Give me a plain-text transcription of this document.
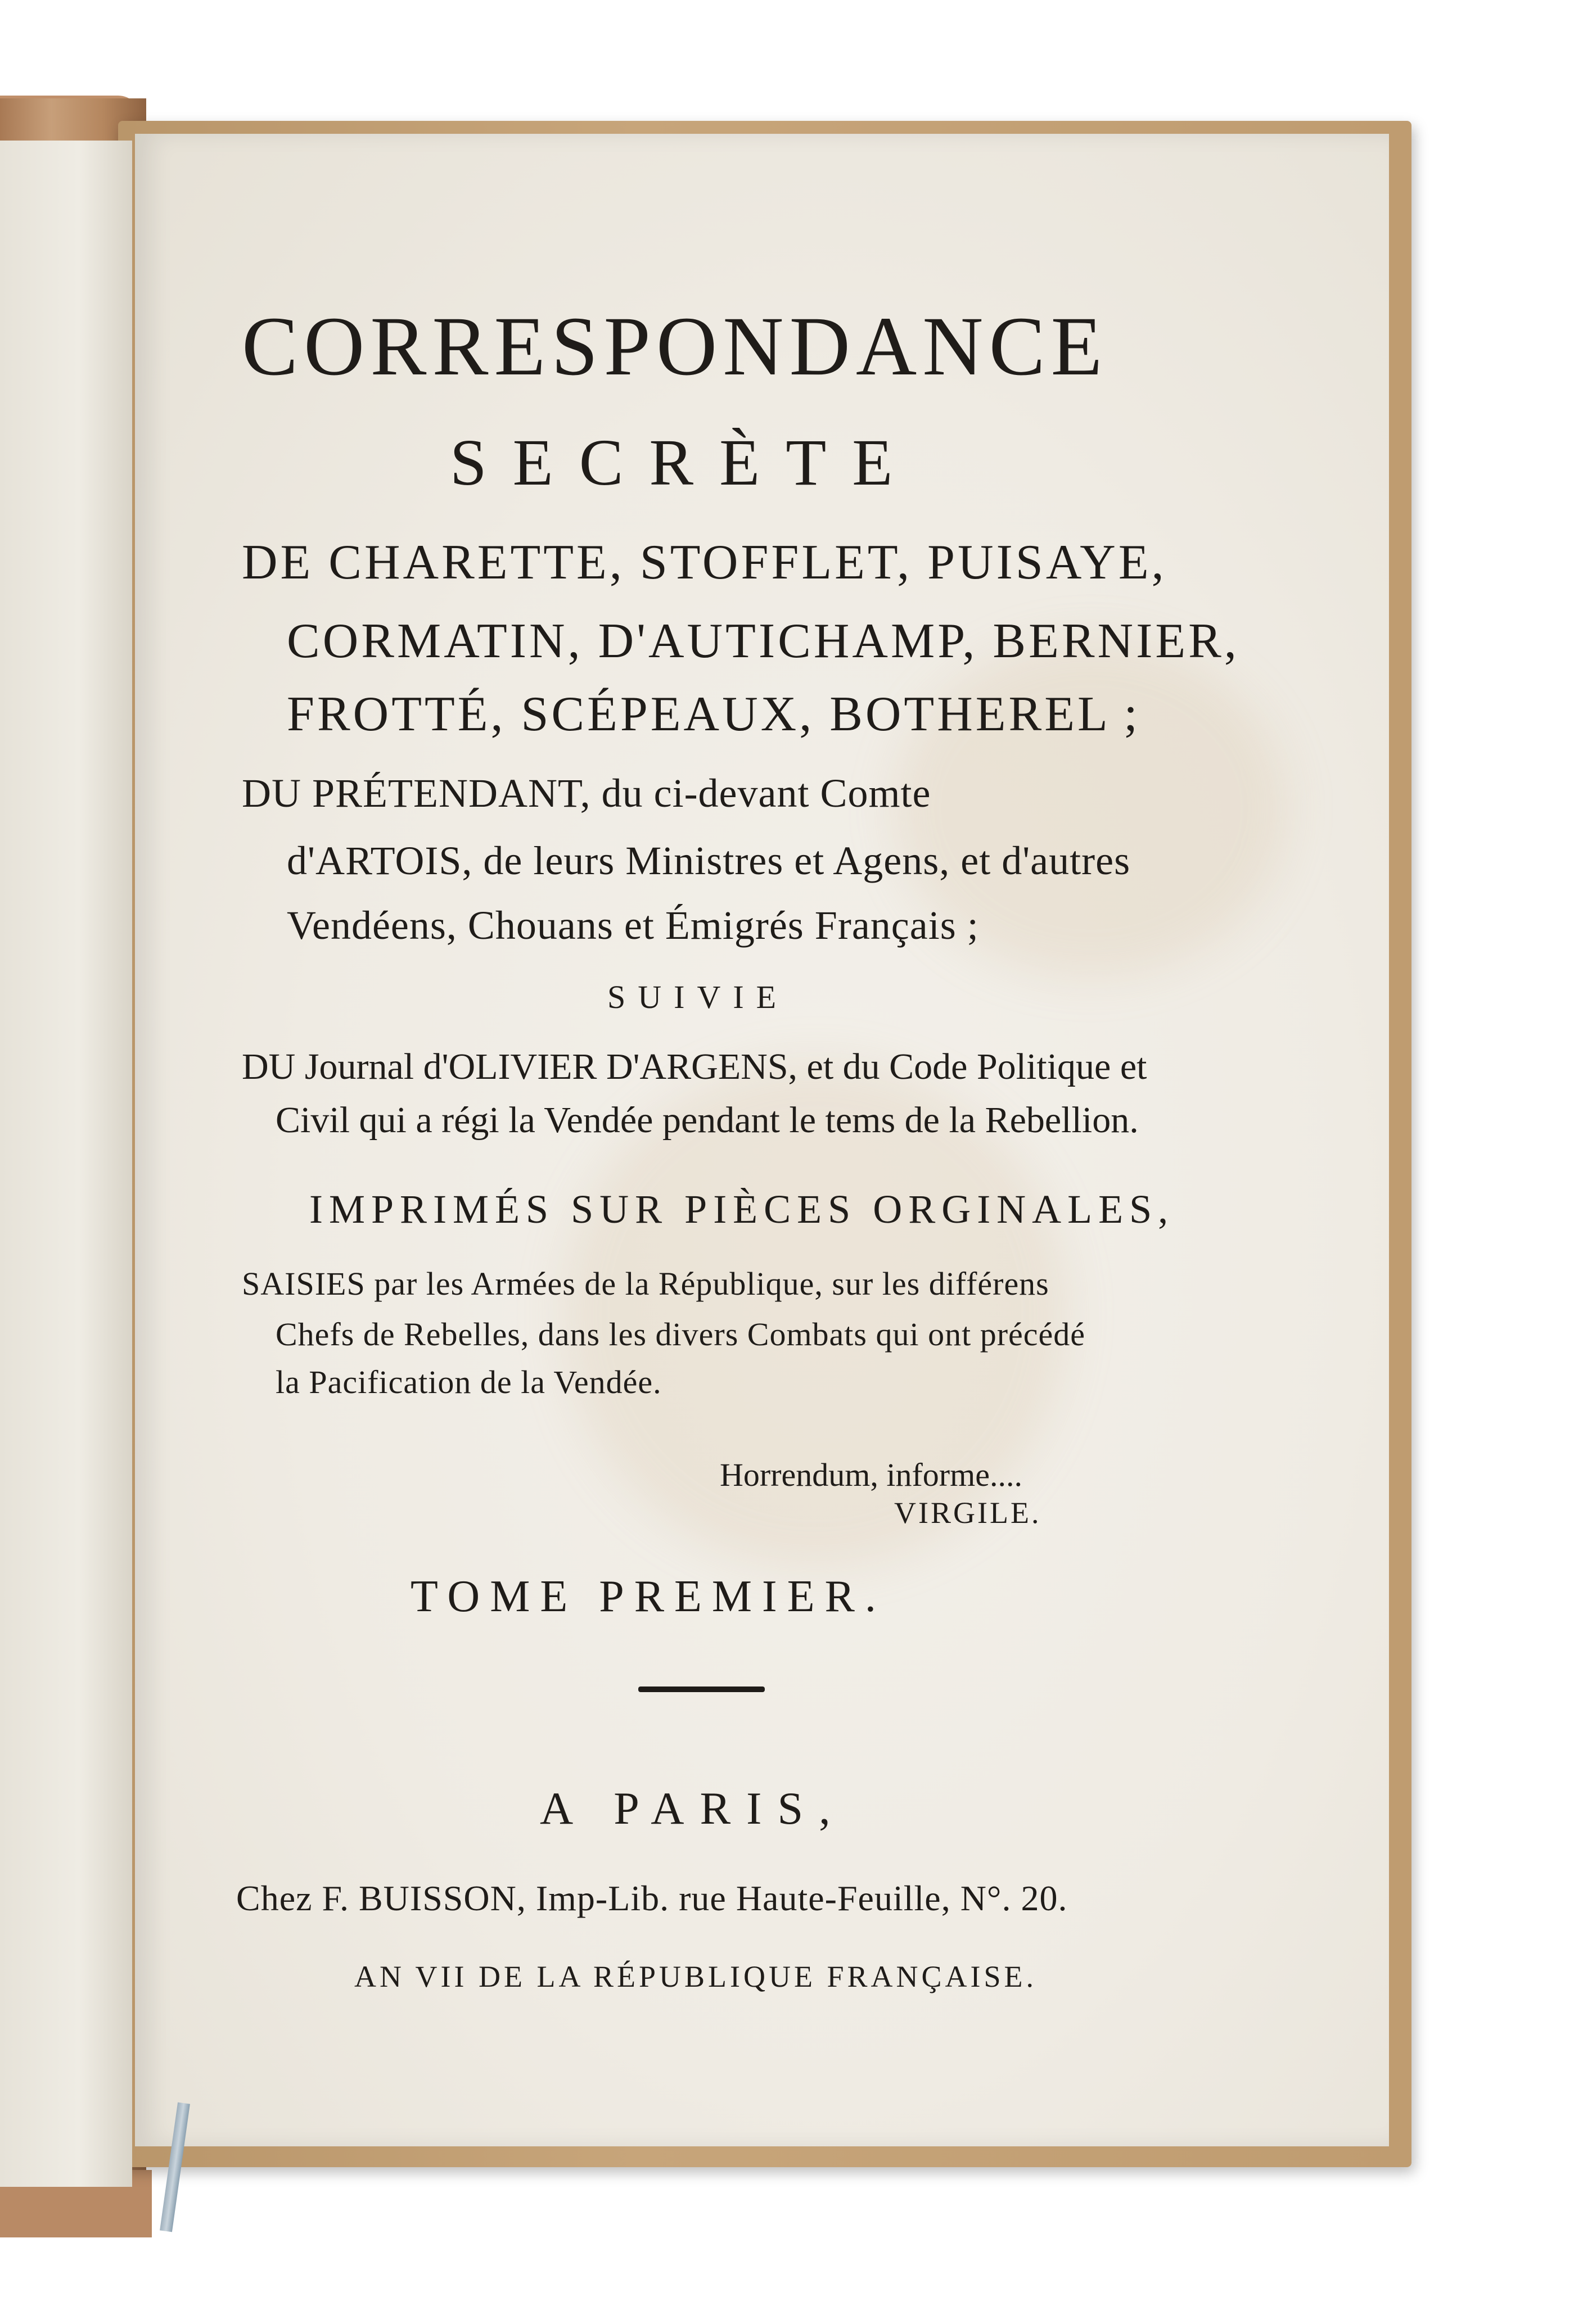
CORRESPONDANCE
SECRÈTE
DE CHARETTE, STOFFLET, PUISAYE,
CORMATIN, D'AUTICHAMP, BERNIER,
FROTTÉ, SCÉPEAUX, BOTHEREL ;
DU PRÉTENDANT, du ci-devant Comte
d'ARTOIS, de leurs Ministres et Agens, et d'autres
Vendéens, Chouans et Émigrés Français ;
SUIVIE
DU Journal d'OLIVIER D'ARGENS, et du Code Politique et
Civil qui a régi la Vendée pendant le tems de la Rebellion.
IMPRIMÉS SUR PIÈCES ORGINALES,
SAISIES par les Armées de la République, sur les différens
Chefs de Rebelles, dans les divers Combats qui ont précédé
la Pacification de la Vendée.
Horrendum, informe....
VIRGILE.
TOME PREMIER.
A PARIS,
Chez F. BUISSON, Imp-Lib. rue Haute-Feuille, N°. 20.
AN VII DE LA RÉPUBLIQUE FRANÇAISE.
